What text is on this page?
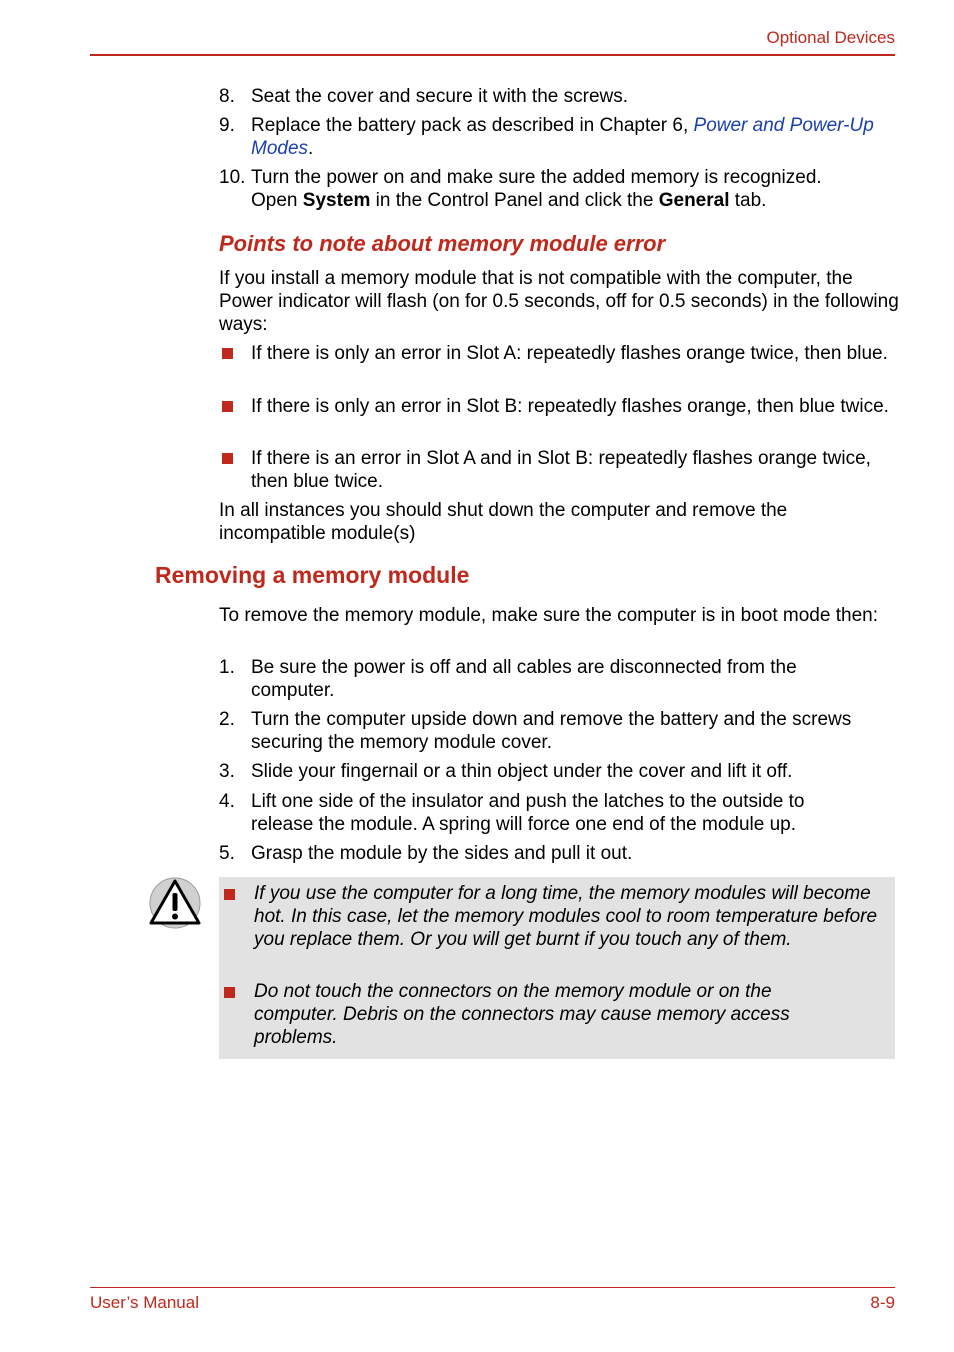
Optional Devices
8. Seat the cover and secure it with the screws.
9. Replace the battery pack as described in Chapter 6, Power and Power-Up Modes.
10. Turn the power on and make sure the added memory is recognized.
Open System in the Control Panel and click the General tab.
Points to note about memory module error
If you install a memory module that is not compatible with the computer, the Power indicator will flash (on for 0.5 seconds, off for 0.5 seconds) in the following ways:
If there is only an error in Slot A: repeatedly flashes orange twice, then blue.
If there is only an error in Slot B: repeatedly flashes orange, then blue twice.
If there is an error in Slot A and in Slot B: repeatedly flashes orange twice, then blue twice.
In all instances you should shut down the computer and remove the incompatible module(s)
Removing a memory module
To remove the memory module, make sure the computer is in boot mode then:
1. Be sure the power is off and all cables are disconnected from the computer.
2. Turn the computer upside down and remove the battery and the screws securing the memory module cover.
3. Slide your fingernail or a thin object under the cover and lift it off.
4. Lift one side of the insulator and push the latches to the outside to release the module. A spring will force one end of the module up.
5. Grasp the module by the sides and pull it out.
If you use the computer for a long time, the memory modules will become hot. In this case, let the memory modules cool to room temperature before you replace them. Or you will get burnt if you touch any of them.
Do not touch the connectors on the memory module or on the computer. Debris on the connectors may cause memory access problems.
User’s Manual	8-9
